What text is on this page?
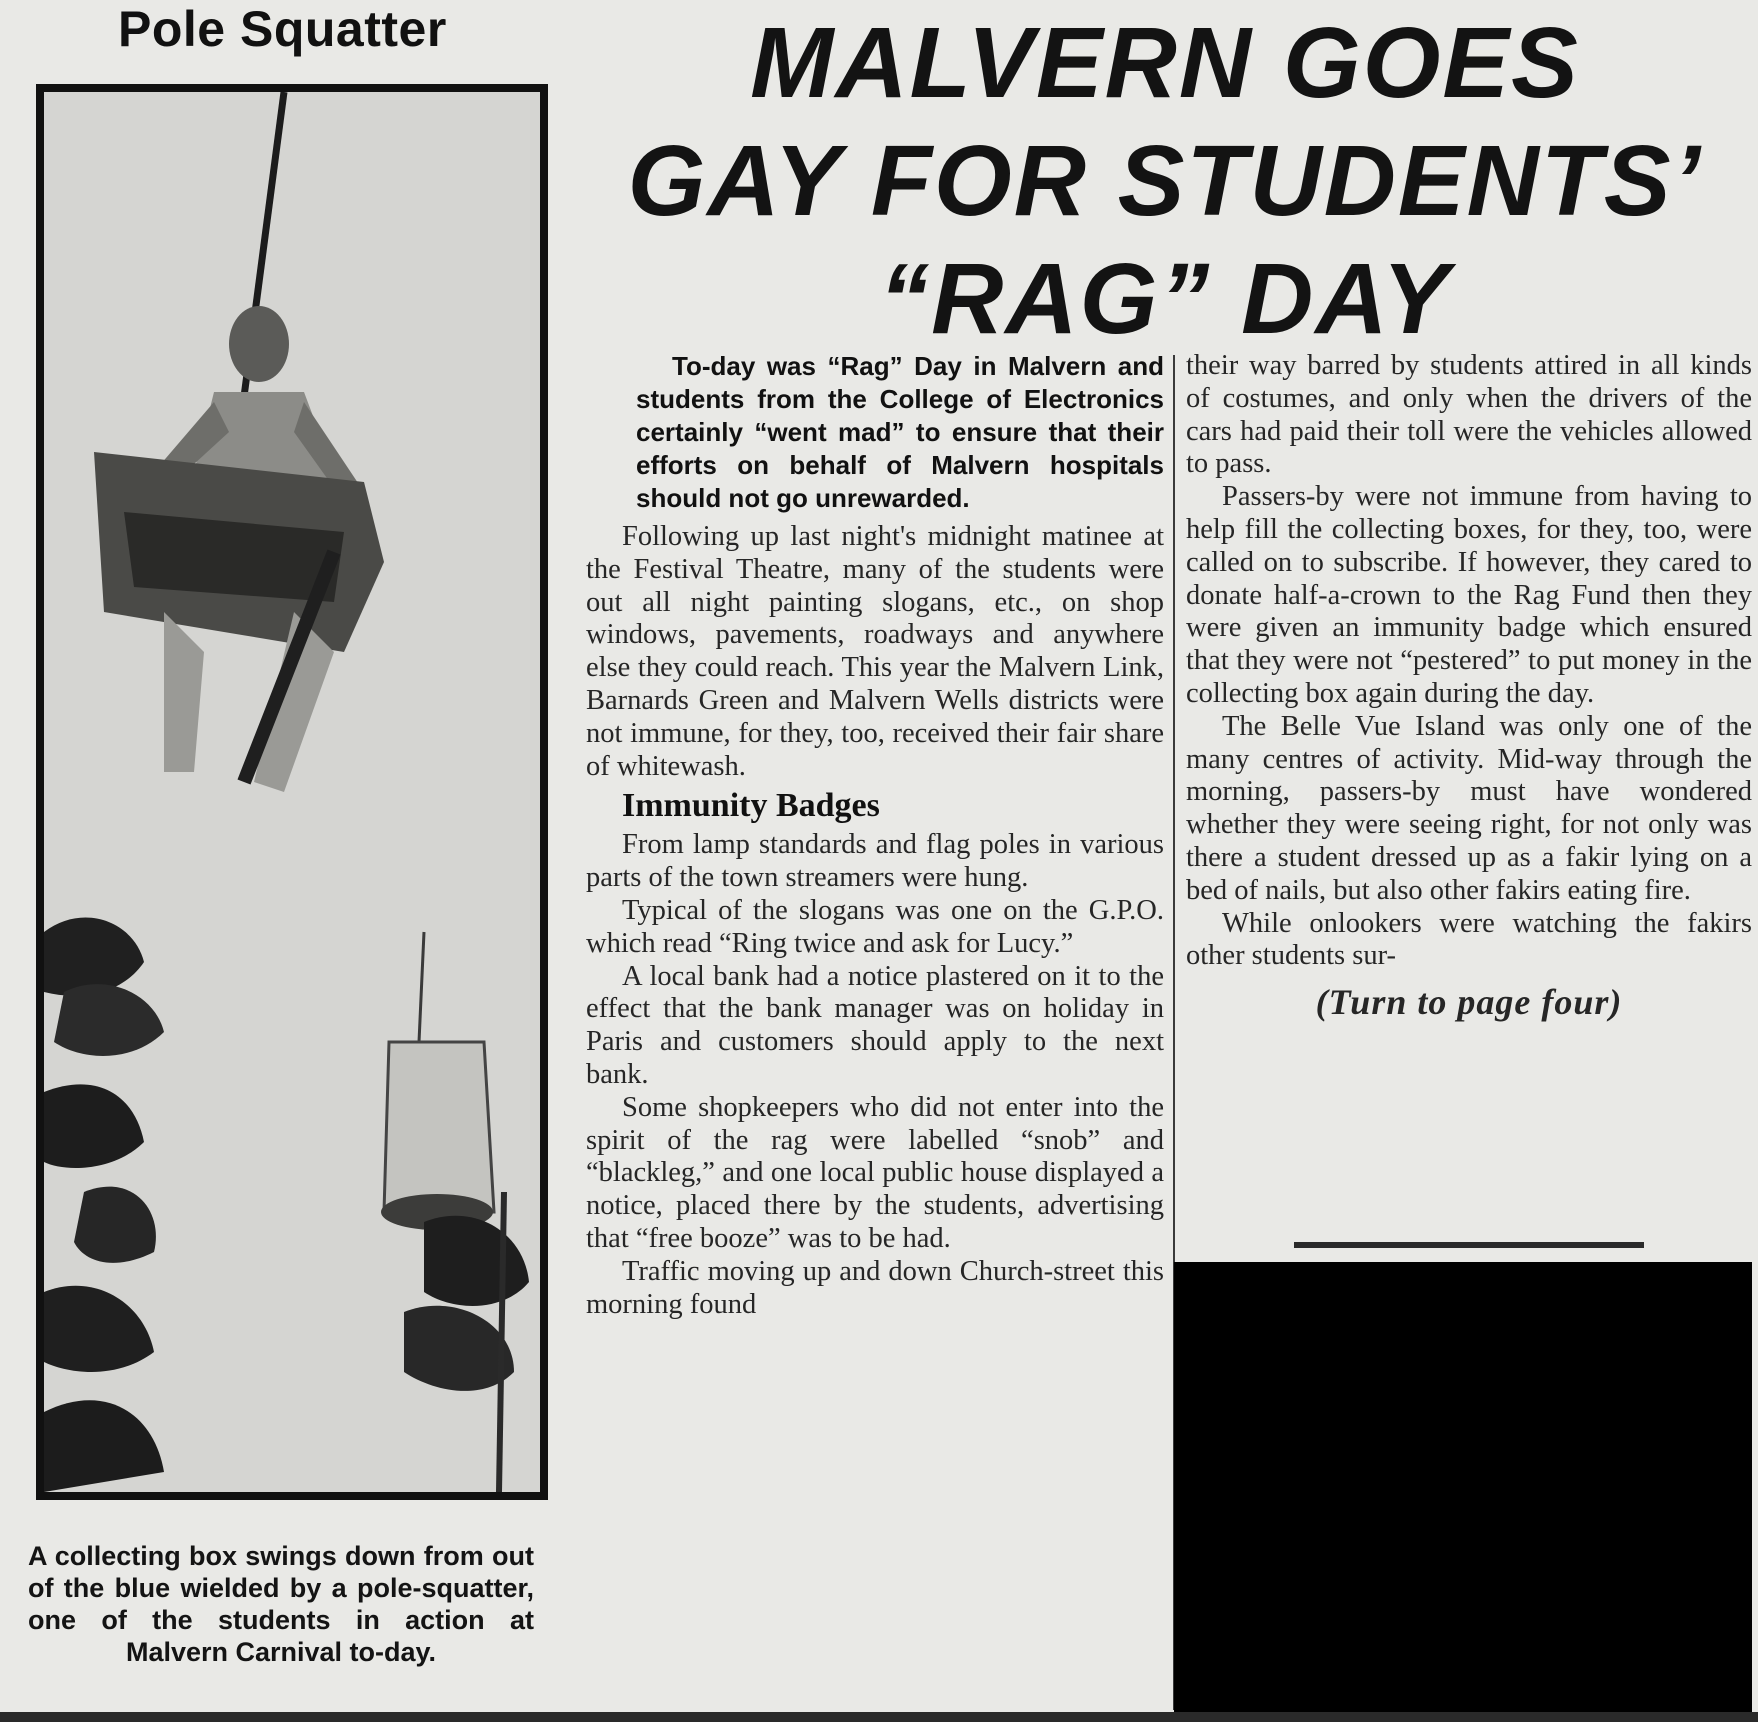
Pole Squatter
A collecting box swings down from out of the blue wielded by a pole-squatter, one of the students in action at Malvern Carnival to-day.
MALVERN GOES
GAY FOR STUDENTS’
“RAG” DAY

To-day was “Rag” Day in Malvern and students from the College of Electronics certainly “went mad” to ensure that their efforts on behalf of Malvern hospitals should not go unrewarded.

Following up last night's midnight matinee at the Festival Theatre, many of the students were out all night painting slogans, etc., on shop windows, pavements, roadways and anywhere else they could reach. This year the Malvern Link, Barnards Green and Malvern Wells districts were not immune, for they, too, received their fair share of whitewash.

Immunity Badges

From lamp standards and flag poles in various parts of the town streamers were hung.

Typical of the slogans was one on the G.P.O. which read “Ring twice and ask for Lucy.”

A local bank had a notice plastered on it to the effect that the bank manager was on holiday in Paris and customers should apply to the next bank.

Some shopkeepers who did not enter into the spirit of the rag were labelled “snob” and “blackleg,” and one local public house displayed a notice, placed there by the students, advertising that “free booze” was to be had.

Traffic moving up and down Church-street this morning found

their way barred by students attired in all kinds of costumes, and only when the drivers of the cars had paid their toll were the vehicles allowed to pass.

Passers-by were not immune from having to help fill the collecting boxes, for they, too, were called on to subscribe. If however, they cared to donate half-a-crown to the Rag Fund then they were given an immunity badge which ensured that they were not “pestered” to put money in the collecting box again during the day.

The Belle Vue Island was only one of the many centres of activity. Mid-way through the morning, passers-by must have wondered whether they were seeing right, for not only was there a student dressed up as a fakir lying on a bed of nails, but also other fakirs eating fire.

While onlookers were watching the fakirs other students sur-

(Turn to page four)
